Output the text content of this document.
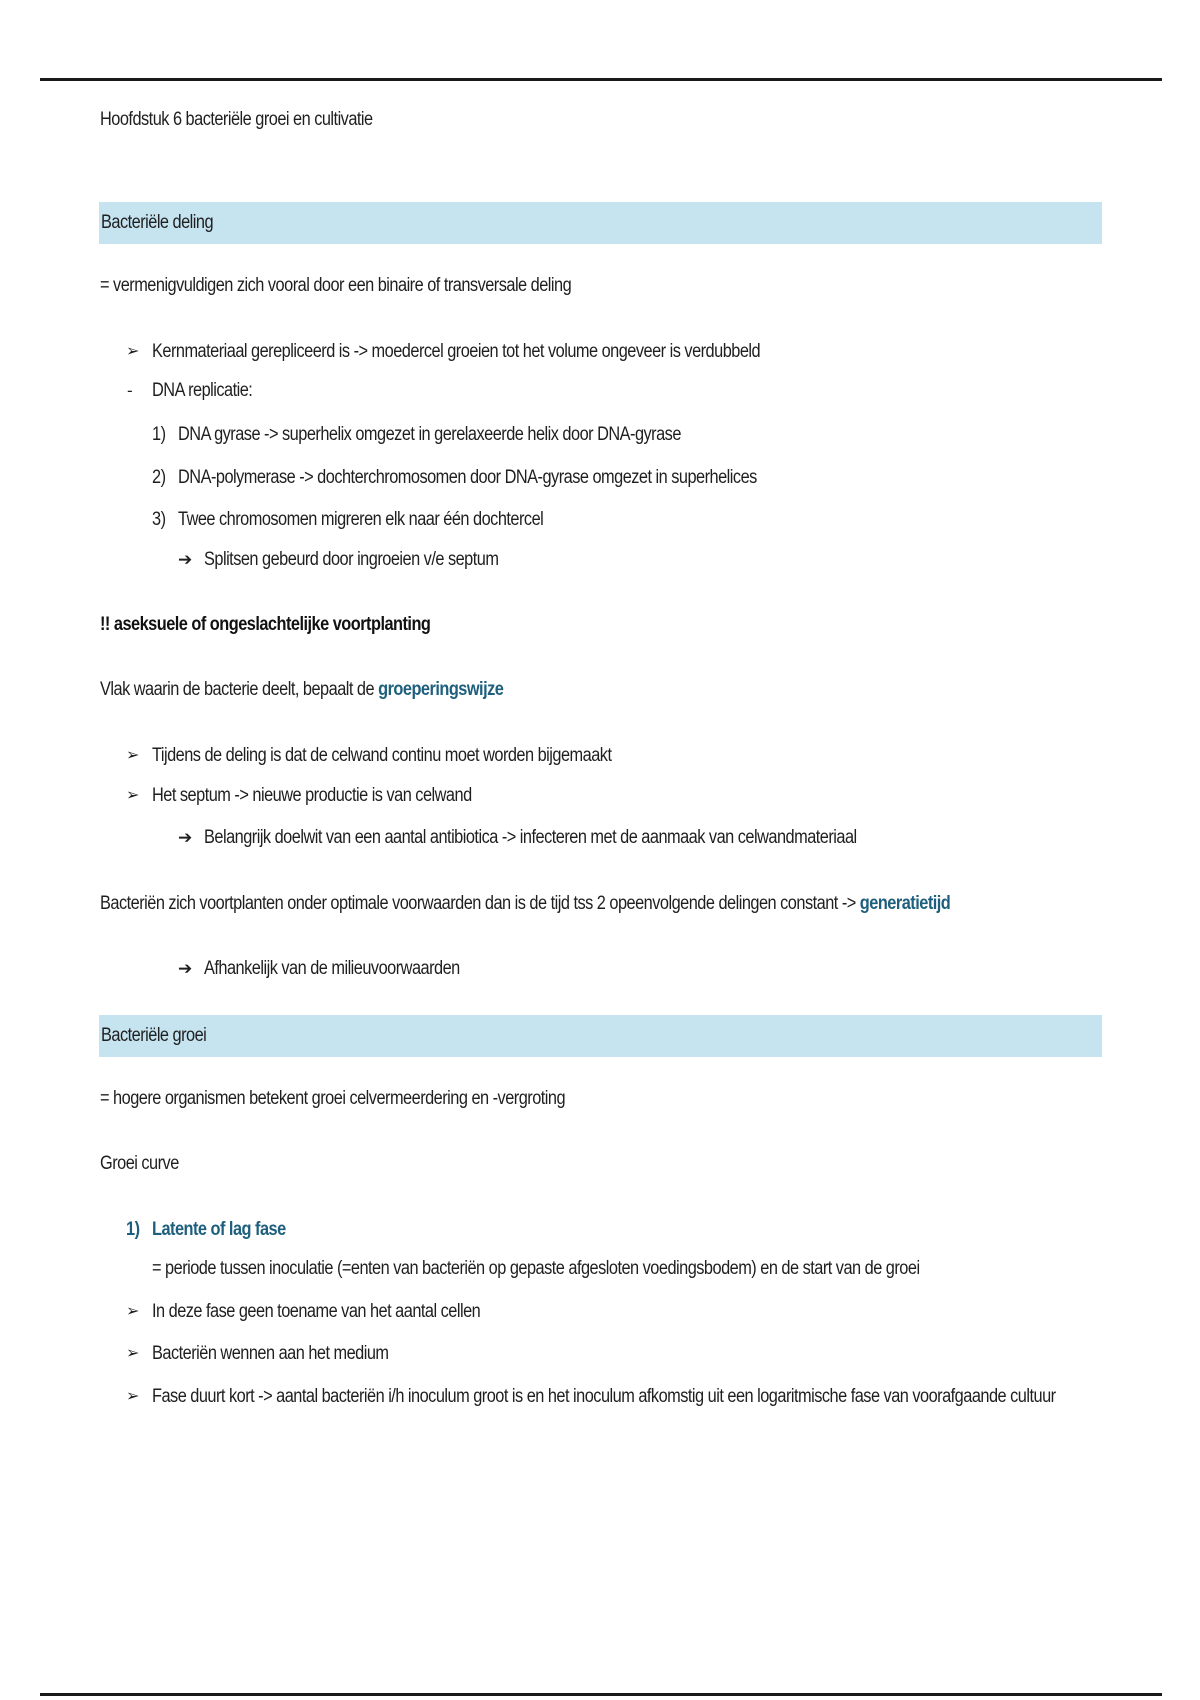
Hoofdstuk 6 bacteriële groei en cultivatie
Bacteriële deling
= vermenigvuldigen zich vooral door een binaire of transversale deling
➢ Kernmateriaal gerepliceerd is -> moedercel groeien tot het volume ongeveer is verdubbeld
- DNA replicatie:
1) DNA gyrase -> superhelix omgezet in gerelaxeerde helix door DNA-gyrase
2) DNA-polymerase -> dochterchromosomen door DNA-gyrase omgezet in superhelices
3) Twee chromosomen migreren elk naar één dochtercel
➔ Splitsen gebeurd door ingroeien v/e septum
!! aseksuele of ongeslachtelijke voortplanting
Vlak waarin de bacterie deelt, bepaalt de groeperingswijze
➢ Tijdens de deling is dat de celwand continu moet worden bijgemaakt
➢ Het septum -> nieuwe productie is van celwand
➔ Belangrijk doelwit van een aantal antibiotica -> infecteren met de aanmaak van celwandmateriaal
Bacteriën zich voortplanten onder optimale voorwaarden dan is de tijd tss 2 opeenvolgende delingen constant -> generatietijd
➔ Afhankelijk van de milieuvoorwaarden
Bacteriële groei
= hogere organismen betekent groei celvermeerdering en -vergroting
Groei curve
1) Latente of lag fase
= periode tussen inoculatie (=enten van bacteriën op gepaste afgesloten voedingsbodem) en de start van de groei
➢ In deze fase geen toename van het aantal cellen
➢ Bacteriën wennen aan het medium
➢ Fase duurt kort -> aantal bacteriën i/h inoculum groot is en het inoculum afkomstig uit een logaritmische fase van voorafgaande cultuur
